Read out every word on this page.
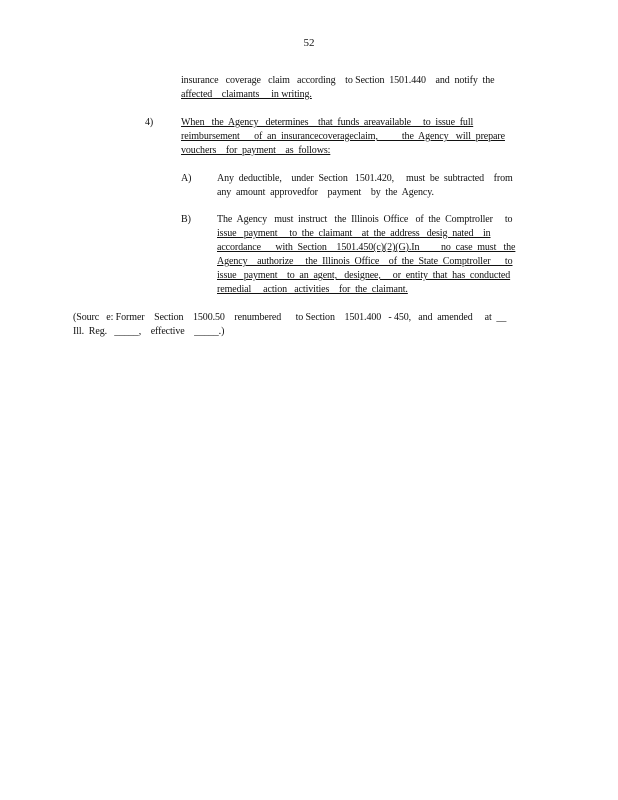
52
insurance   coverage   claim   according    to Section  1501.440    and  notify  the
affected    claimants     in writing.
4)	When   the  Agency   determines    that  funds  areavailable     to  issue  full
reimbursement      of  an  insurancecoverageclaim,          the  Agency   will  prepare
vouchers    for  payment    as  follows:
A)	Any  deductible,    under  Section   1501.420,     must  be  subtracted    from
any  amount  approvedfor    payment    by  the  Agency.
B)	The  Agency   must  instruct   the  Illinois  Office   of  the  Comptroller     to
issue   payment     to  the  claimant    at  the  address   desig  nated    in
accordance      with  Section    1501.450(c)(2)(G).In         no  case  must   the
Agency    authorize     the  Illinois  Office    of  the  State  Comptroller      to
issue   payment    to  an  agent,   designee,     or  entity  that  has  conducted
remedial     action   activities    for  the  claimant.
(Sourc   e: Former    Section    1500.50    renumbered      to Section    1501.400   - 450,   and  amended     at  __
Ill.  Reg.   _____,    effective    _____.)
